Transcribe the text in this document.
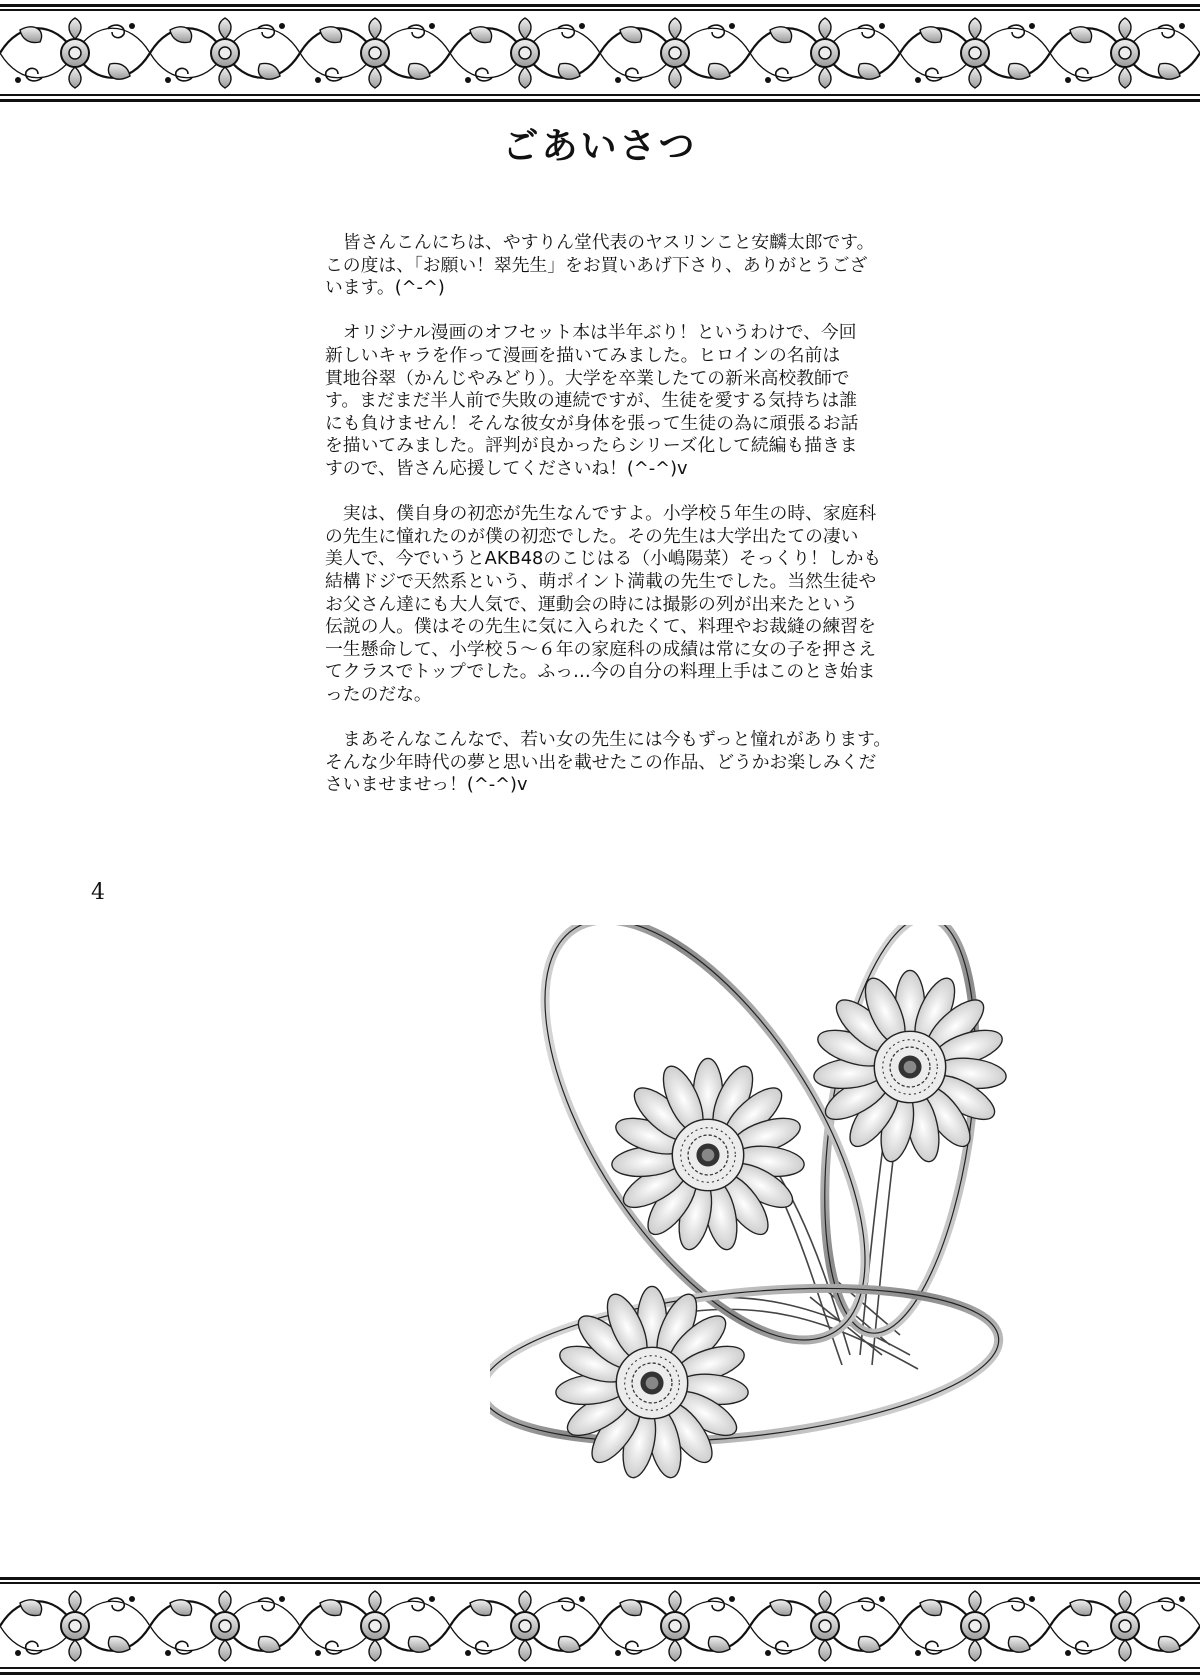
ごあいさつ

　皆さんこんにちは、やすりん堂代表のヤスリンこと安麟太郎です。
この度は、「お願い！翠先生」をお買いあげ下さり、ありがとうござ
います。(^-^)

　オリジナル漫画のオフセット本は半年ぶり！というわけで、今回
新しいキャラを作って漫画を描いてみました。ヒロインの名前は
貫地谷翠（かんじやみどり）。大学を卒業したての新米高校教師で
す。まだまだ半人前で失敗の連続ですが、生徒を愛する気持ちは誰
にも負けません！そんな彼女が身体を張って生徒の為に頑張るお話
を描いてみました。評判が良かったらシリーズ化して続編も描きま
すので、皆さん応援してくださいね！(^-^)v

　実は、僕自身の初恋が先生なんですよ。小学校５年生の時、家庭科
の先生に憧れたのが僕の初恋でした。その先生は大学出たての凄い
美人で、今でいうとAKB48のこじはる（小嶋陽菜）そっくり！しかも
結構ドジで天然系という、萌ポイント満載の先生でした。当然生徒や
お父さん達にも大人気で、運動会の時には撮影の列が出来たという
伝説の人。僕はその先生に気に入られたくて、料理やお裁縫の練習を
一生懸命して、小学校５～６年の家庭科の成績は常に女の子を押さえ
てクラスでトップでした。ふっ…今の自分の料理上手はこのとき始ま
ったのだな。

　まあそんなこんなで、若い女の先生には今もずっと憧れがあります。
そんな少年時代の夢と思い出を載せたこの作品、どうかお楽しみくだ
さいませませっ！(^-^)v

4
